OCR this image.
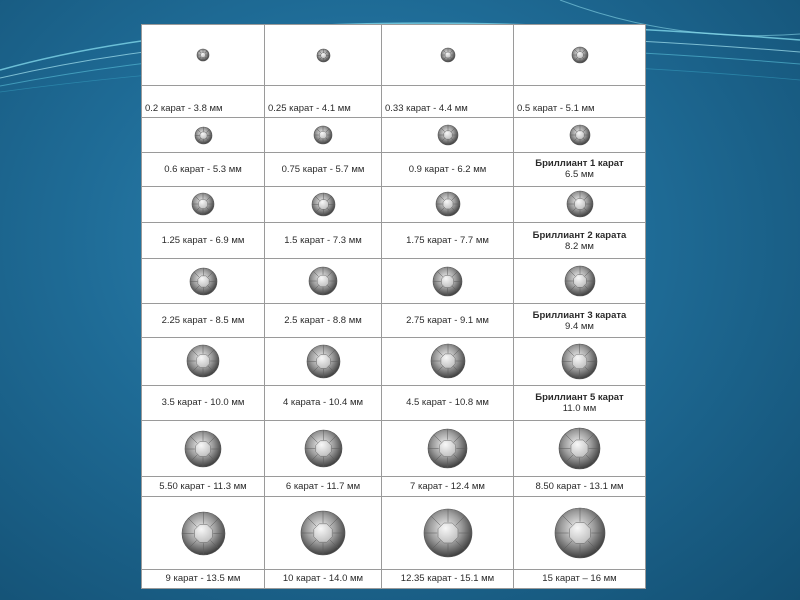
0.2 карат - 3.8 мм	0.25 карат - 4.1 мм	0.33 карат - 4.4 мм	0.5 карат - 5.1 мм

0.6 карат - 5.3 мм	0.75 карат - 5.7 мм	0.9 карат - 6.2 мм	Бриллиант 1 карат
6.5 мм

1.25 карат - 6.9 мм	1.5 карат - 7.3 мм	1.75 карат - 7.7 мм	Бриллиант 2 карата
8.2 мм

2.25 карат - 8.5 мм	2.5 карат - 8.8 мм	2.75 карат - 9.1 мм	Бриллиант 3 карата
9.4 мм

3.5 карат - 10.0 мм	4 карата - 10.4 мм	4.5 карат - 10.8 мм	Бриллиант 5 карат
11.0 мм

5.50 карат - 11.3 мм	6 карат - 11.7 мм	7 карат - 12.4 мм	8.50 карат - 13.1 мм

9 карат - 13.5 мм	10 карат - 14.0 мм	12.35 карат - 15.1 мм	15 карат – 16 мм
